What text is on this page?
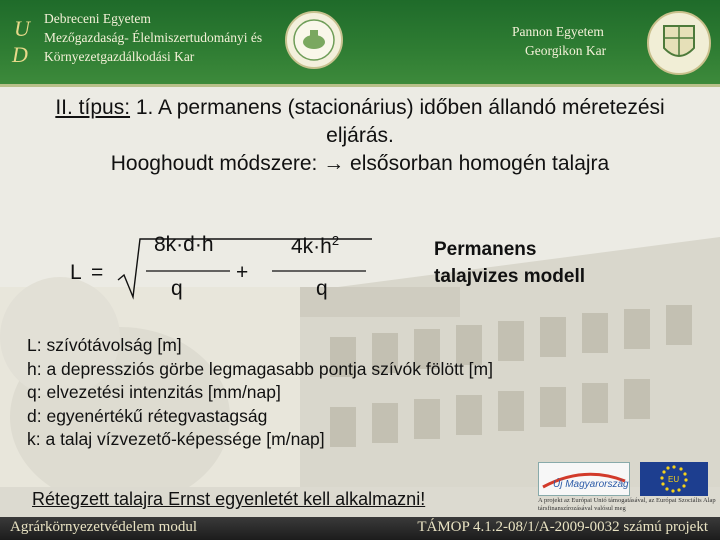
U
D
Debreceni Egyetem
Mezőgazdaság- Élelmiszertudományi és
Környezetgazdálkodási Kar
Pannon Egyetem
Georgikon Kar
II. típus: 1. A permanens (stacionárius) időben állandó méretezési
eljárás.
Hooghoudt módszere: → elsősorban homogén talajra
L =
8k·d·h
q
+
$4k\cdot h^2$
q
Permanens
talajvizes modell
L: szívótávolság [m]
h: a depressziós görbe legmagasabb pontja szívók fölött [m]
q: elvezetési intenzitás [mm/nap]
d: egyenértékű rétegvastagság
k: a talaj vízvezető-képessége [m/nap]
Rétegzett talajra Ernst egyenletét kell alkalmazni!
Új Magyarország	EU
A projekt az Európai Unió támogatásával, az Európai Szociális Alap társfinanszírozásával valósul meg
Agrárkörnyezetvédelem modul	TÁMOP 4.1.2-08/1/A-2009-0032 számú projekt
